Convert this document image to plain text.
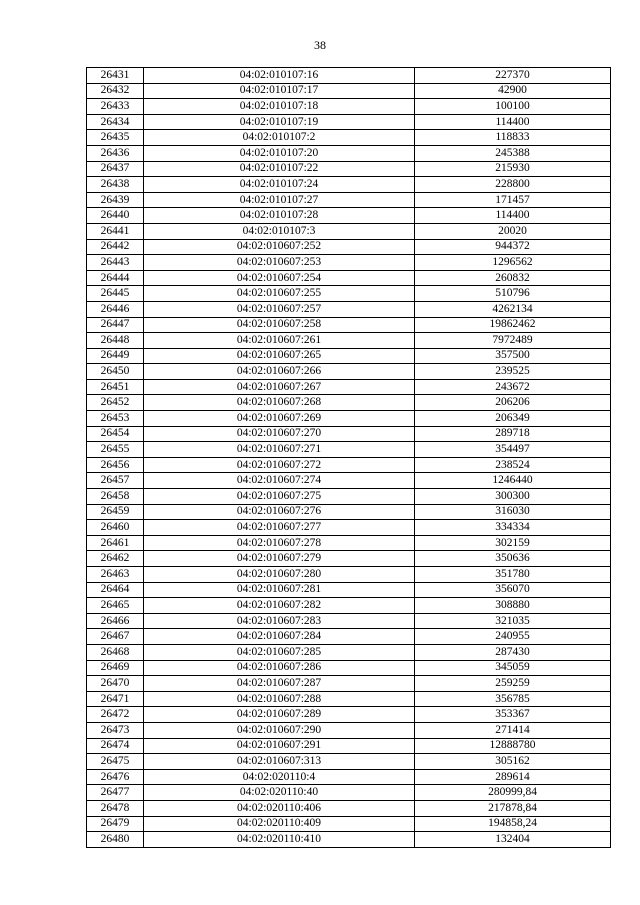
38
26431	04:02:010107:16	227370
26432	04:02:010107:17	42900
26433	04:02:010107:18	100100
26434	04:02:010107:19	114400
26435	04:02:010107:2	118833
26436	04:02:010107:20	245388
26437	04:02:010107:22	215930
26438	04:02:010107:24	228800
26439	04:02:010107:27	171457
26440	04:02:010107:28	114400
26441	04:02:010107:3	20020
26442	04:02:010607:252	944372
26443	04:02:010607:253	1296562
26444	04:02:010607:254	260832
26445	04:02:010607:255	510796
26446	04:02:010607:257	4262134
26447	04:02:010607:258	19862462
26448	04:02:010607:261	7972489
26449	04:02:010607:265	357500
26450	04:02:010607:266	239525
26451	04:02:010607:267	243672
26452	04:02:010607:268	206206
26453	04:02:010607:269	206349
26454	04:02:010607:270	289718
26455	04:02:010607:271	354497
26456	04:02:010607:272	238524
26457	04:02:010607:274	1246440
26458	04:02:010607:275	300300
26459	04:02:010607:276	316030
26460	04:02:010607:277	334334
26461	04:02:010607:278	302159
26462	04:02:010607:279	350636
26463	04:02:010607:280	351780
26464	04:02:010607:281	356070
26465	04:02:010607:282	308880
26466	04:02:010607:283	321035
26467	04:02:010607:284	240955
26468	04:02:010607:285	287430
26469	04:02:010607:286	345059
26470	04:02:010607:287	259259
26471	04:02:010607:288	356785
26472	04:02:010607:289	353367
26473	04:02:010607:290	271414
26474	04:02:010607:291	12888780
26475	04:02:010607:313	305162
26476	04:02:020110:4	289614
26477	04:02:020110:40	280999,84
26478	04:02:020110:406	217878,84
26479	04:02:020110:409	194858,24
26480	04:02:020110:410	132404
